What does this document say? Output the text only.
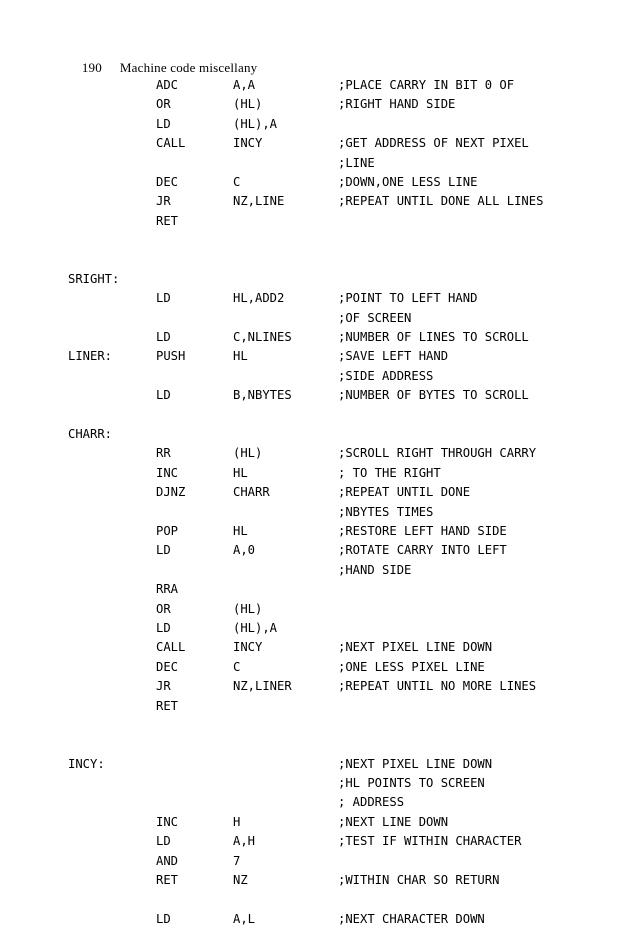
190 Machine code miscellany

ADC	A,A	;PLACE CARRY IN BIT 0 OF
OR	(HL)	;RIGHT HAND SIDE
LD	(HL),A
CALL	INCY	;GET ADDRESS OF NEXT PIXEL
;LINE
DEC	C	;DOWN,ONE LESS LINE
JR	NZ,LINE	;REPEAT UNTIL DONE ALL LINES
RET
SRIGHT:
LD	HL,ADD2	;POINT TO LEFT HAND
;OF SCREEN
LD	C,NLINES	;NUMBER OF LINES TO SCROLL
LINER:	PUSH	HL	;SAVE LEFT HAND
;SIDE ADDRESS
LD	B,NBYTES	;NUMBER OF BYTES TO SCROLL
CHARR:
RR	(HL)	;SCROLL RIGHT THROUGH CARRY
INC	HL	; TO THE RIGHT
DJNZ	CHARR	;REPEAT UNTIL DONE
;NBYTES TIMES
POP	HL	;RESTORE LEFT HAND SIDE
LD	A,0	;ROTATE CARRY INTO LEFT
;HAND SIDE
RRA
OR	(HL)
LD	(HL),A
CALL	INCY	;NEXT PIXEL LINE DOWN
DEC	C	;ONE LESS PIXEL LINE
JR	NZ,LINER	;REPEAT UNTIL NO MORE LINES
RET
INCY:	;NEXT PIXEL LINE DOWN
;HL POINTS TO SCREEN
; ADDRESS
INC	H	;NEXT LINE DOWN
LD	A,H	;TEST IF WITHIN CHARACTER
AND	7
RET	NZ	;WITHIN CHAR SO RETURN
LD	A,L	;NEXT CHARACTER DOWN
